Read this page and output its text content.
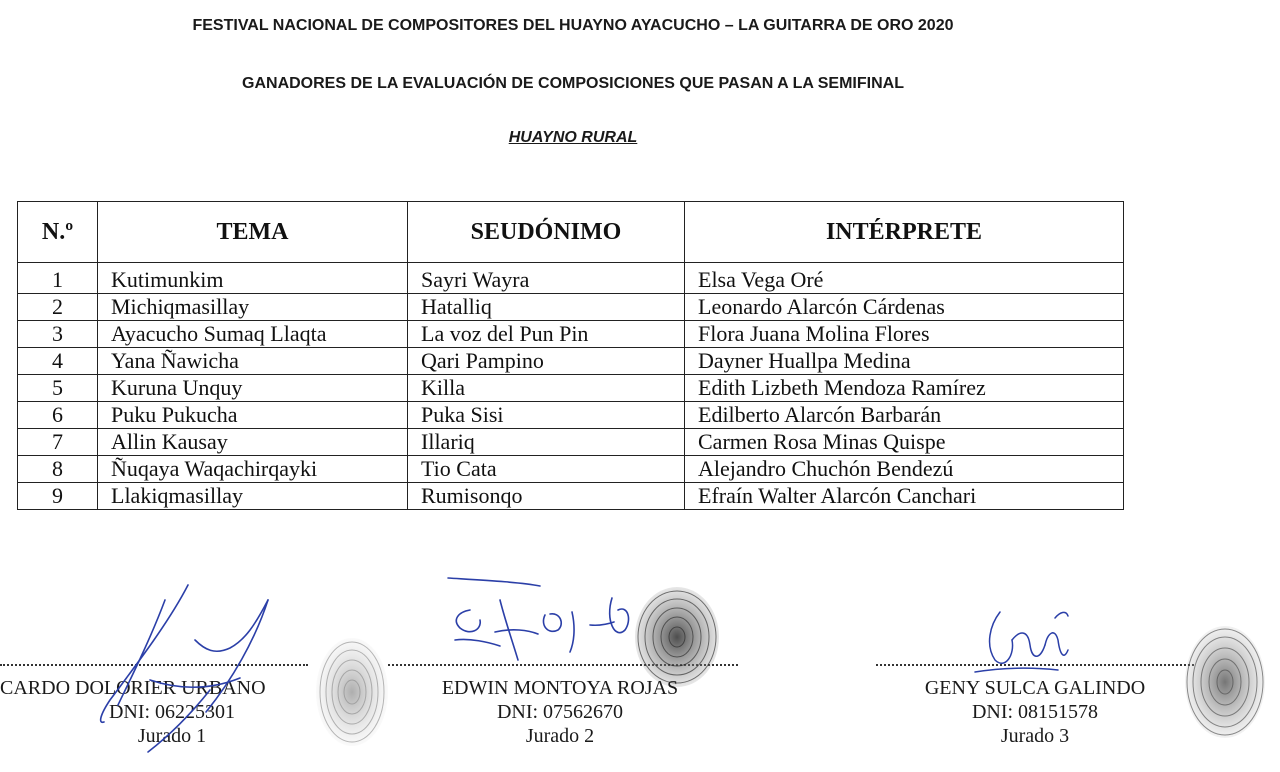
FESTIVAL NACIONAL DE COMPOSITORES DEL HUAYNO AYACUCHO – LA GUITARRA DE ORO 2020
GANADORES DE LA EVALUACIÓN DE COMPOSICIONES QUE PASAN A LA SEMIFINAL
HUAYNO RURAL
N.º	TEMA	SEUDÓNIMO	INTÉRPRETE
1	Kutimunkim	Sayri Wayra	Elsa Vega Oré
2	Michiqmasillay	Hatalliq	Leonardo Alarcón Cárdenas
3	Ayacucho Sumaq Llaqta	La voz del Pun Pin	Flora Juana Molina Flores
4	Yana Ñawicha	Qari Pampino	Dayner Huallpa Medina
5	Kuruna Unquy	Killa	Edith Lizbeth Mendoza Ramírez
6	Puku Pukucha	Puka Sisi	Edilberto Alarcón Barbarán
7	Allin Kausay	Illariq	Carmen Rosa Minas Quispe
8	Ñuqaya Waqachirqayki	Tio Cata	Alejandro Chuchón Bendezú
9	Llakiqmasillay	Rumisonqo	Efraín Walter Alarcón Canchari
CARDO DOLORIER URBANO
DNI: 06225301
Jurado 1
EDWIN MONTOYA ROJAS
DNI: 07562670
Jurado 2
GENY SULCA GALINDO
DNI: 08151578
Jurado 3
